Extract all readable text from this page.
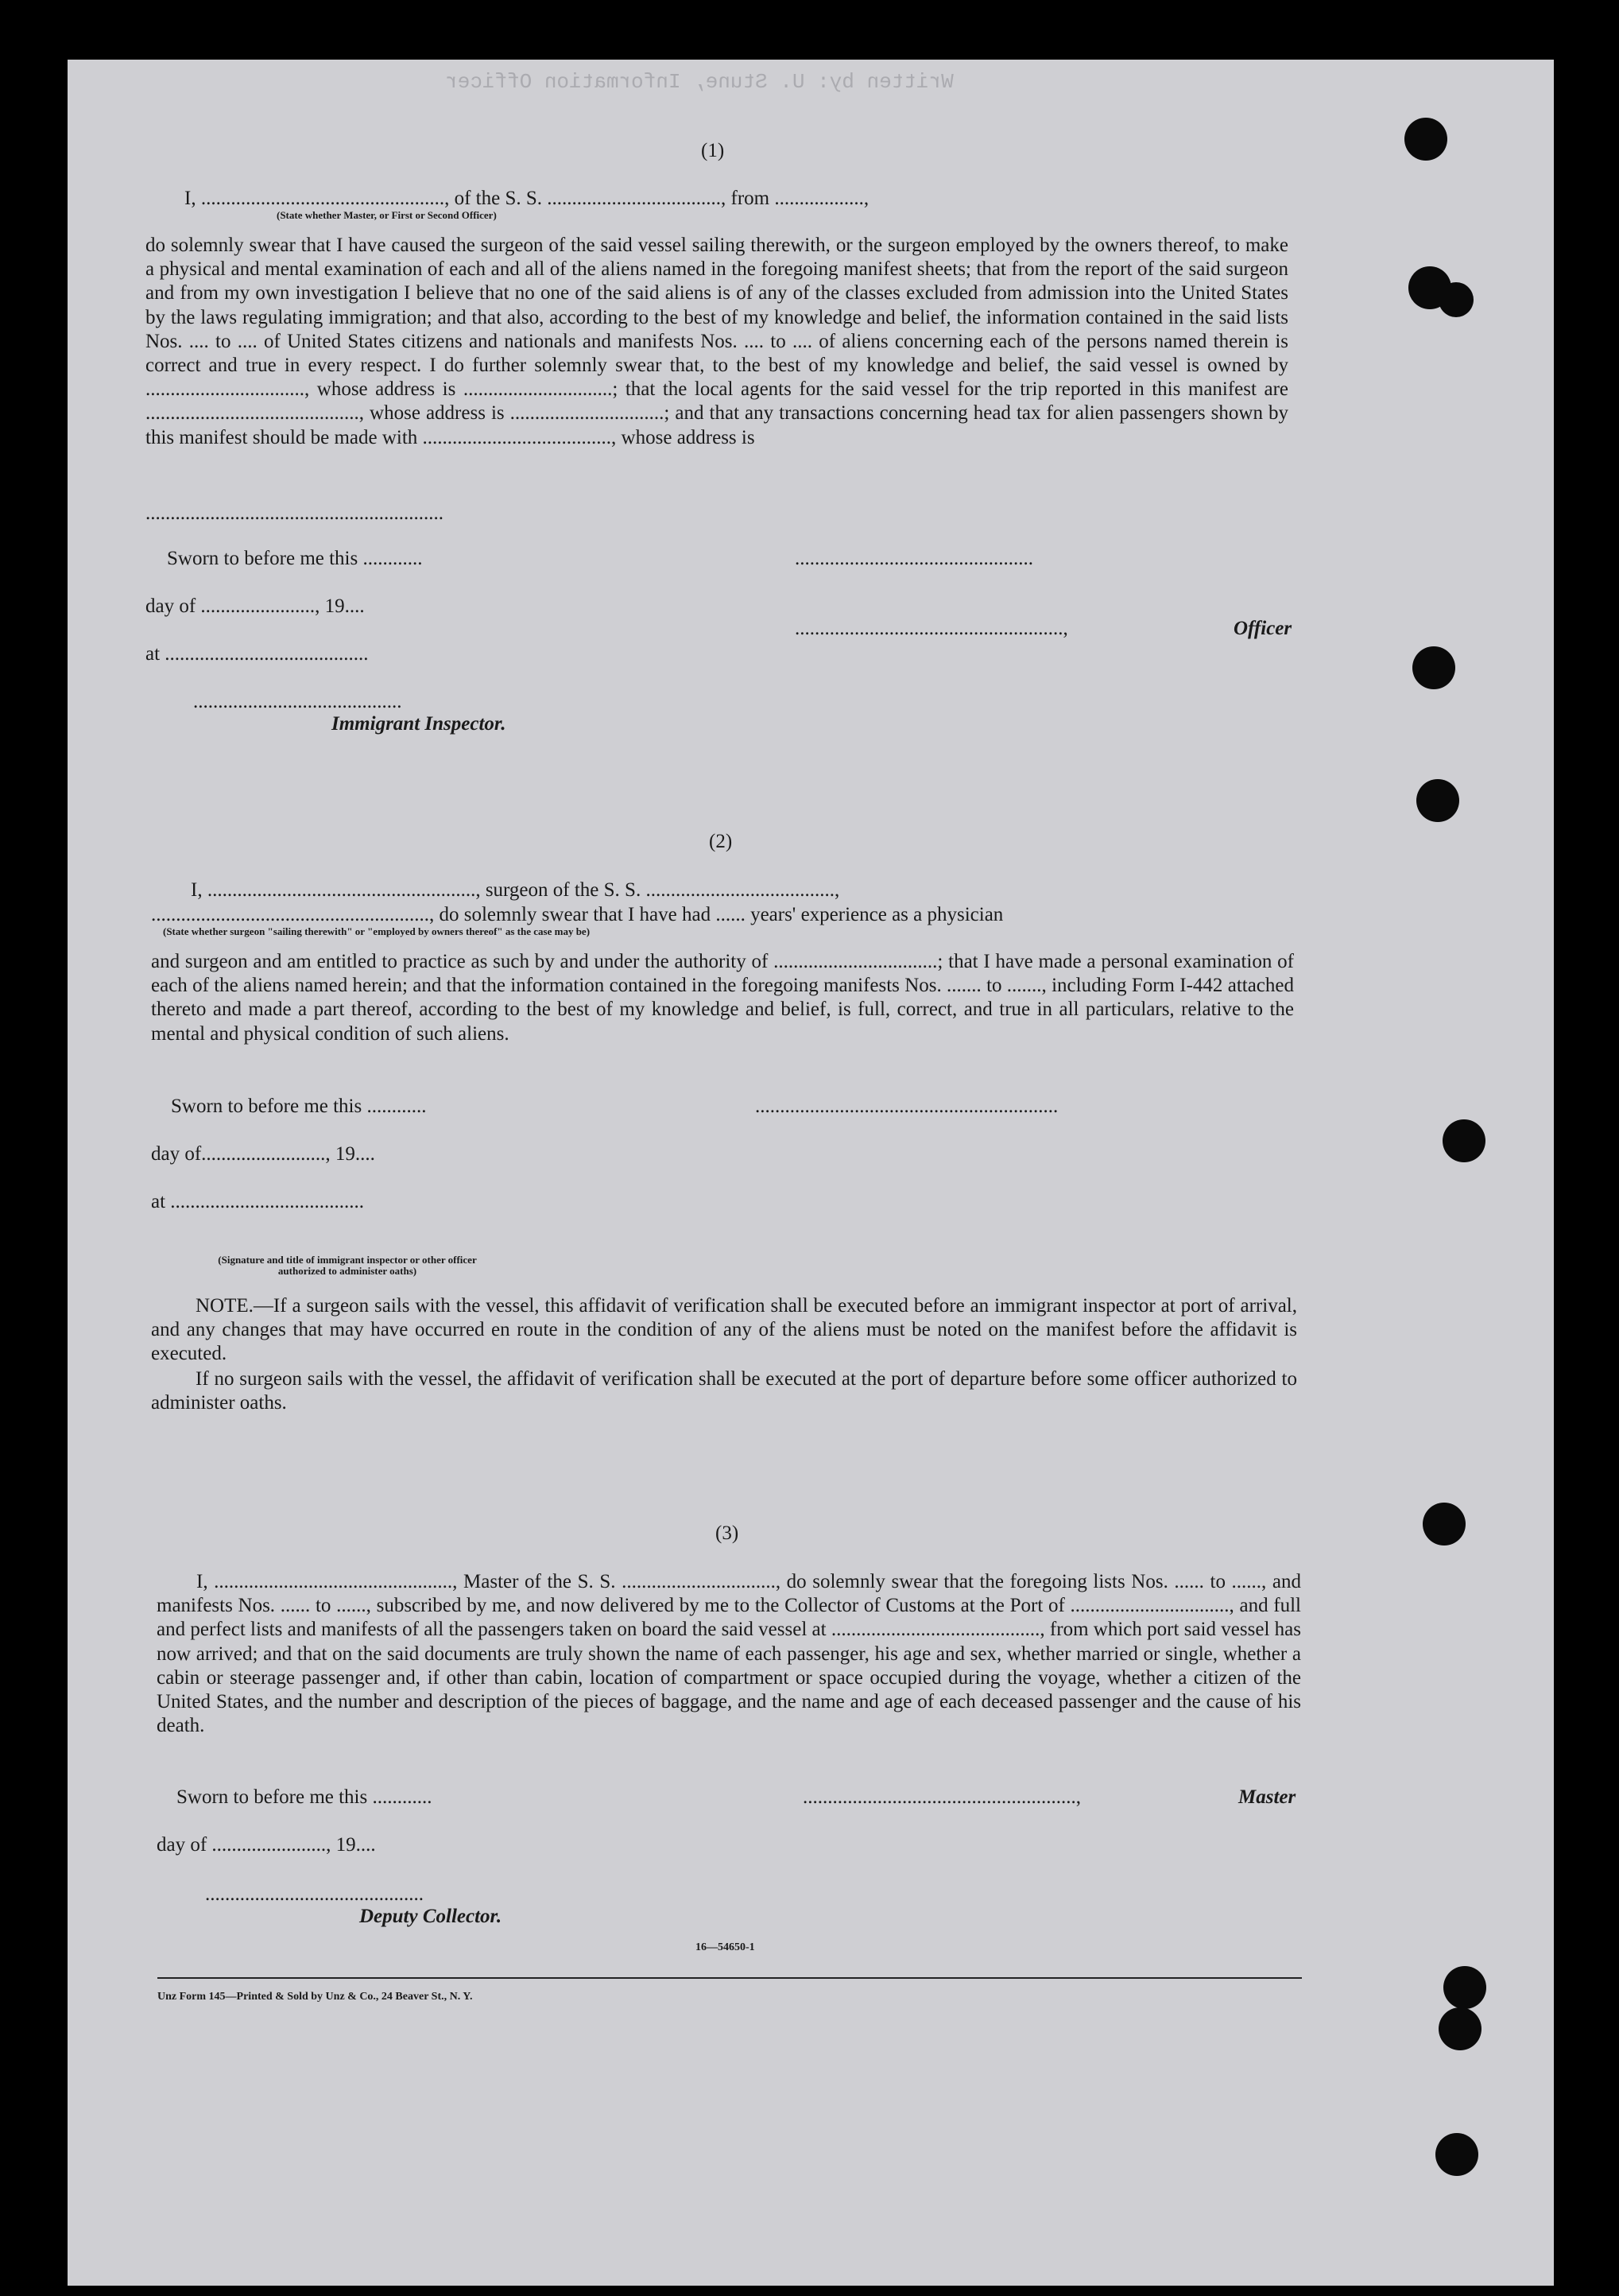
Written by: U. Stune, Information Officer
(1)
I, ................................................., of the S. S. ..................................., from ..................,
(State whether Master, or First or Second Officer)
do solemnly swear that I have caused the surgeon of the said vessel sailing therewith, or the surgeon employed by the owners thereof, to make a physical and mental examination of each and all of the aliens named in the foregoing manifest sheets; that from the report of the said surgeon and from my own investigation I believe that no one of the said aliens is of any of the classes excluded from admission into the United States by the laws regulating immigration; and that also, according to the best of my knowledge and belief, the information contained in the said lists Nos. .... to .... of United States citizens and nationals and manifests Nos. .... to .... of aliens concerning each of the persons named therein is correct and true in every respect. I do further solemnly swear that, to the best of my knowledge and belief, the said vessel is owned by ................................, whose address is ..............................; that the local agents for the said vessel for the trip reported in this manifest are ..........................................., whose address is ...............................; and that any transactions concerning head tax for alien passengers shown by this manifest should be made with ......................................, whose address is
............................................................
Sworn to before me this ............	................................................
day of ......................., 19....
at .........................................
......................................................,	Officer
..........................................
Immigrant Inspector.
(2)
I, ......................................................, surgeon of the S. S. ......................................,
........................................................, do solemnly swear that I have had ...... years' experience as a physician
(State whether surgeon "sailing therewith" or "employed by owners thereof" as the case may be)
and surgeon and am entitled to practice as such by and under the authority of .................................; that I have made a personal examination of each of the aliens named herein; and that the information contained in the foregoing manifests Nos. ....... to ......., including Form I-442 attached thereto and made a part thereof, according to the best of my knowledge and belief, is full, correct, and true in all particulars, relative to the mental and physical condition of such aliens.
Sworn to before me this ............	.............................................................
day of........................., 19....
at .......................................
(Signature and title of immigrant inspector or other officer authorized to administer oaths)
NOTE.—If a surgeon sails with the vessel, this affidavit of verification shall be executed before an immigrant inspector at port of arrival, and any changes that may have occurred en route in the condition of any of the aliens must be noted on the manifest before the affidavit is executed.
If no surgeon sails with the vessel, the affidavit of verification shall be executed at the port of departure before some officer authorized to administer oaths.
(3)
I, ................................................, Master of the S. S. ..............................., do solemnly swear that the foregoing lists Nos. ...... to ......, and manifests Nos. ...... to ......, subscribed by me, and now delivered by me to the Collector of Customs at the Port of ................................, and full and perfect lists and manifests of all the passengers taken on board the said vessel at .........................................., from which port said vessel has now arrived; and that on the said documents are truly shown the name of each passenger, his age and sex, whether married or single, whether a cabin or steerage passenger and, if other than cabin, location of compartment or space occupied during the voyage, whether a citizen of the United States, and the number and description of the pieces of baggage, and the name and age of each deceased passenger and the cause of his death.
Sworn to before me this ............	.......................................................,	Master
day of ......................., 19....
............................................
Deputy Collector.
16—54650-1
Unz Form 145—Printed & Sold by Unz & Co., 24 Beaver St., N. Y.
